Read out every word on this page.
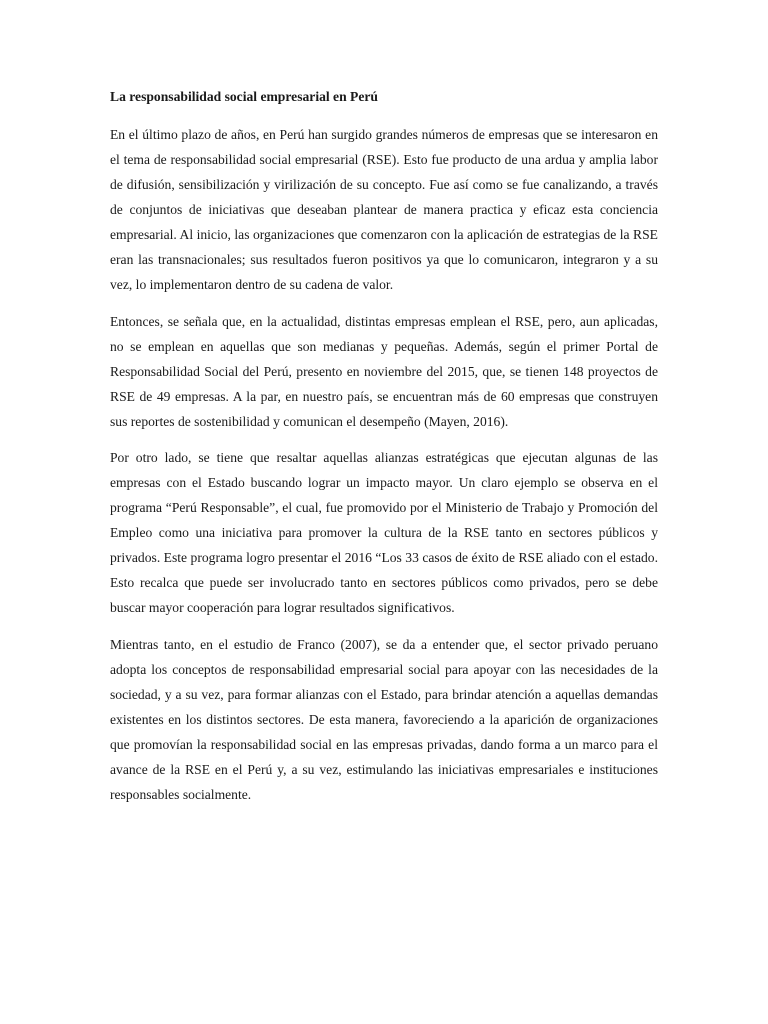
La responsabilidad social empresarial en Perú

En el último plazo de años, en Perú han surgido grandes números de empresas que se interesaron en el tema de responsabilidad social empresarial (RSE). Esto fue producto de una ardua y amplia labor de difusión, sensibilización y virilización de su concepto. Fue así como se fue canalizando, a través de conjuntos de iniciativas que deseaban plantear de manera practica y eficaz esta conciencia empresarial. Al inicio, las organizaciones que comenzaron con la aplicación de estrategias de la RSE eran las transnacionales; sus resultados fueron positivos ya que lo comunicaron, integraron y a su vez, lo implementaron dentro de su cadena de valor.

Entonces, se señala que, en la actualidad, distintas empresas emplean el RSE, pero, aun aplicadas, no se emplean en aquellas que son medianas y pequeñas. Además, según el primer Portal de Responsabilidad Social del Perú, presento en noviembre del 2015, que, se tienen 148 proyectos de RSE de 49 empresas. A la par, en nuestro país, se encuentran más de 60 empresas que construyen sus reportes de sostenibilidad y comunican el desempeño (Mayen, 2016).

Por otro lado, se tiene que resaltar aquellas alianzas estratégicas que ejecutan algunas de las empresas con el Estado buscando lograr un impacto mayor. Un claro ejemplo se observa en el programa “Perú Responsable”, el cual, fue promovido por el Ministerio de Trabajo y Promoción del Empleo como una iniciativa para promover la cultura de la RSE tanto en sectores públicos y privados. Este programa logro presentar el 2016 “Los 33 casos de éxito de RSE aliado con el estado. Esto recalca que puede ser involucrado tanto en sectores públicos como privados, pero se debe buscar mayor cooperación para lograr resultados significativos.

Mientras tanto, en el estudio de Franco (2007), se da a entender que, el sector privado peruano adopta los conceptos de responsabilidad empresarial social para apoyar con las necesidades de la sociedad, y a su vez, para formar alianzas con el Estado, para brindar atención a aquellas demandas existentes en los distintos sectores. De esta manera, favoreciendo a la aparición de organizaciones que promovían la responsabilidad social en las empresas privadas, dando forma a un marco para el avance de la RSE en el Perú y, a su vez, estimulando las iniciativas empresariales e instituciones responsables socialmente.
